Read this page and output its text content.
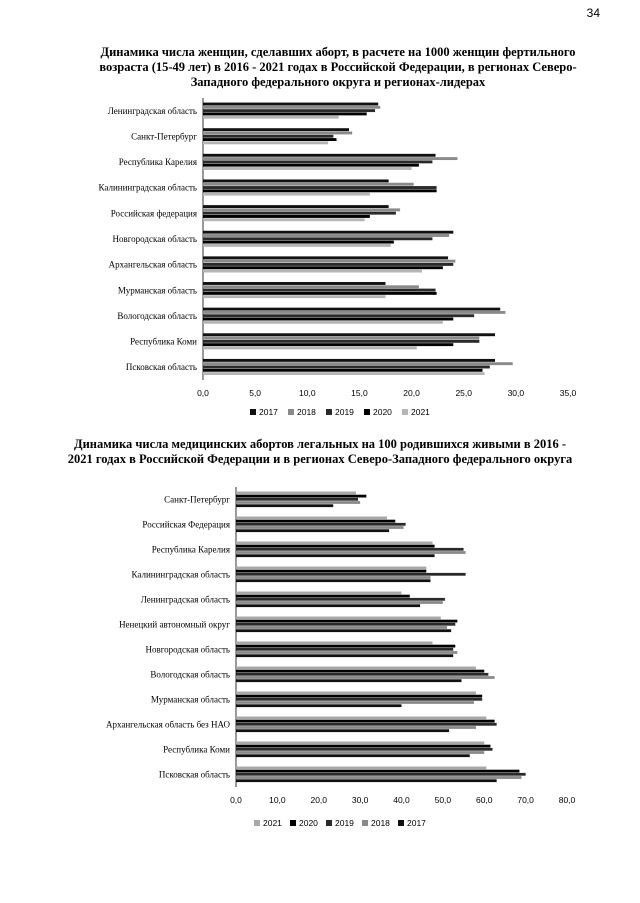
34
Динамика числа женщин, сделавших аборт, в расчете на 1000 женщин фертильного возраста (15-49 лет) в 2016 - 2021 годах в Российской Федерации, в регионах Северо-Западного федерального округа и регионах-лидерах
Ленинградская область
Санкт-Петербург
Республика Карелия
Калининградская область
Российская федерация
Новгородская область
Архангельская область
Мурманская область
Вологодская область
Республика Коми
Псковская область
0,0	5,0	10,0	15,0	20,0	25,0	30,0	35,0
2017 2018 2019 2020 2021
Динамика числа медицинских абортов легальных на 100 родившихся живыми в 2016 - 2021 годах в Российской Федерации и в регионах Северо-Западного федерального округа
Санкт-Петербург
Российская Федерация
Республика Карелия
Калининградская область
Ленинградская область
Ненецкий автономный округ
Новгородская область
Вологодская область
Мурманская область
Архангельская область без НАО
Республика Коми
Псковская область
0,0	10,0	20,0	30,0	40,0	50,0	60,0	70,0	80,0
2021 2020 2019 2018 2017
